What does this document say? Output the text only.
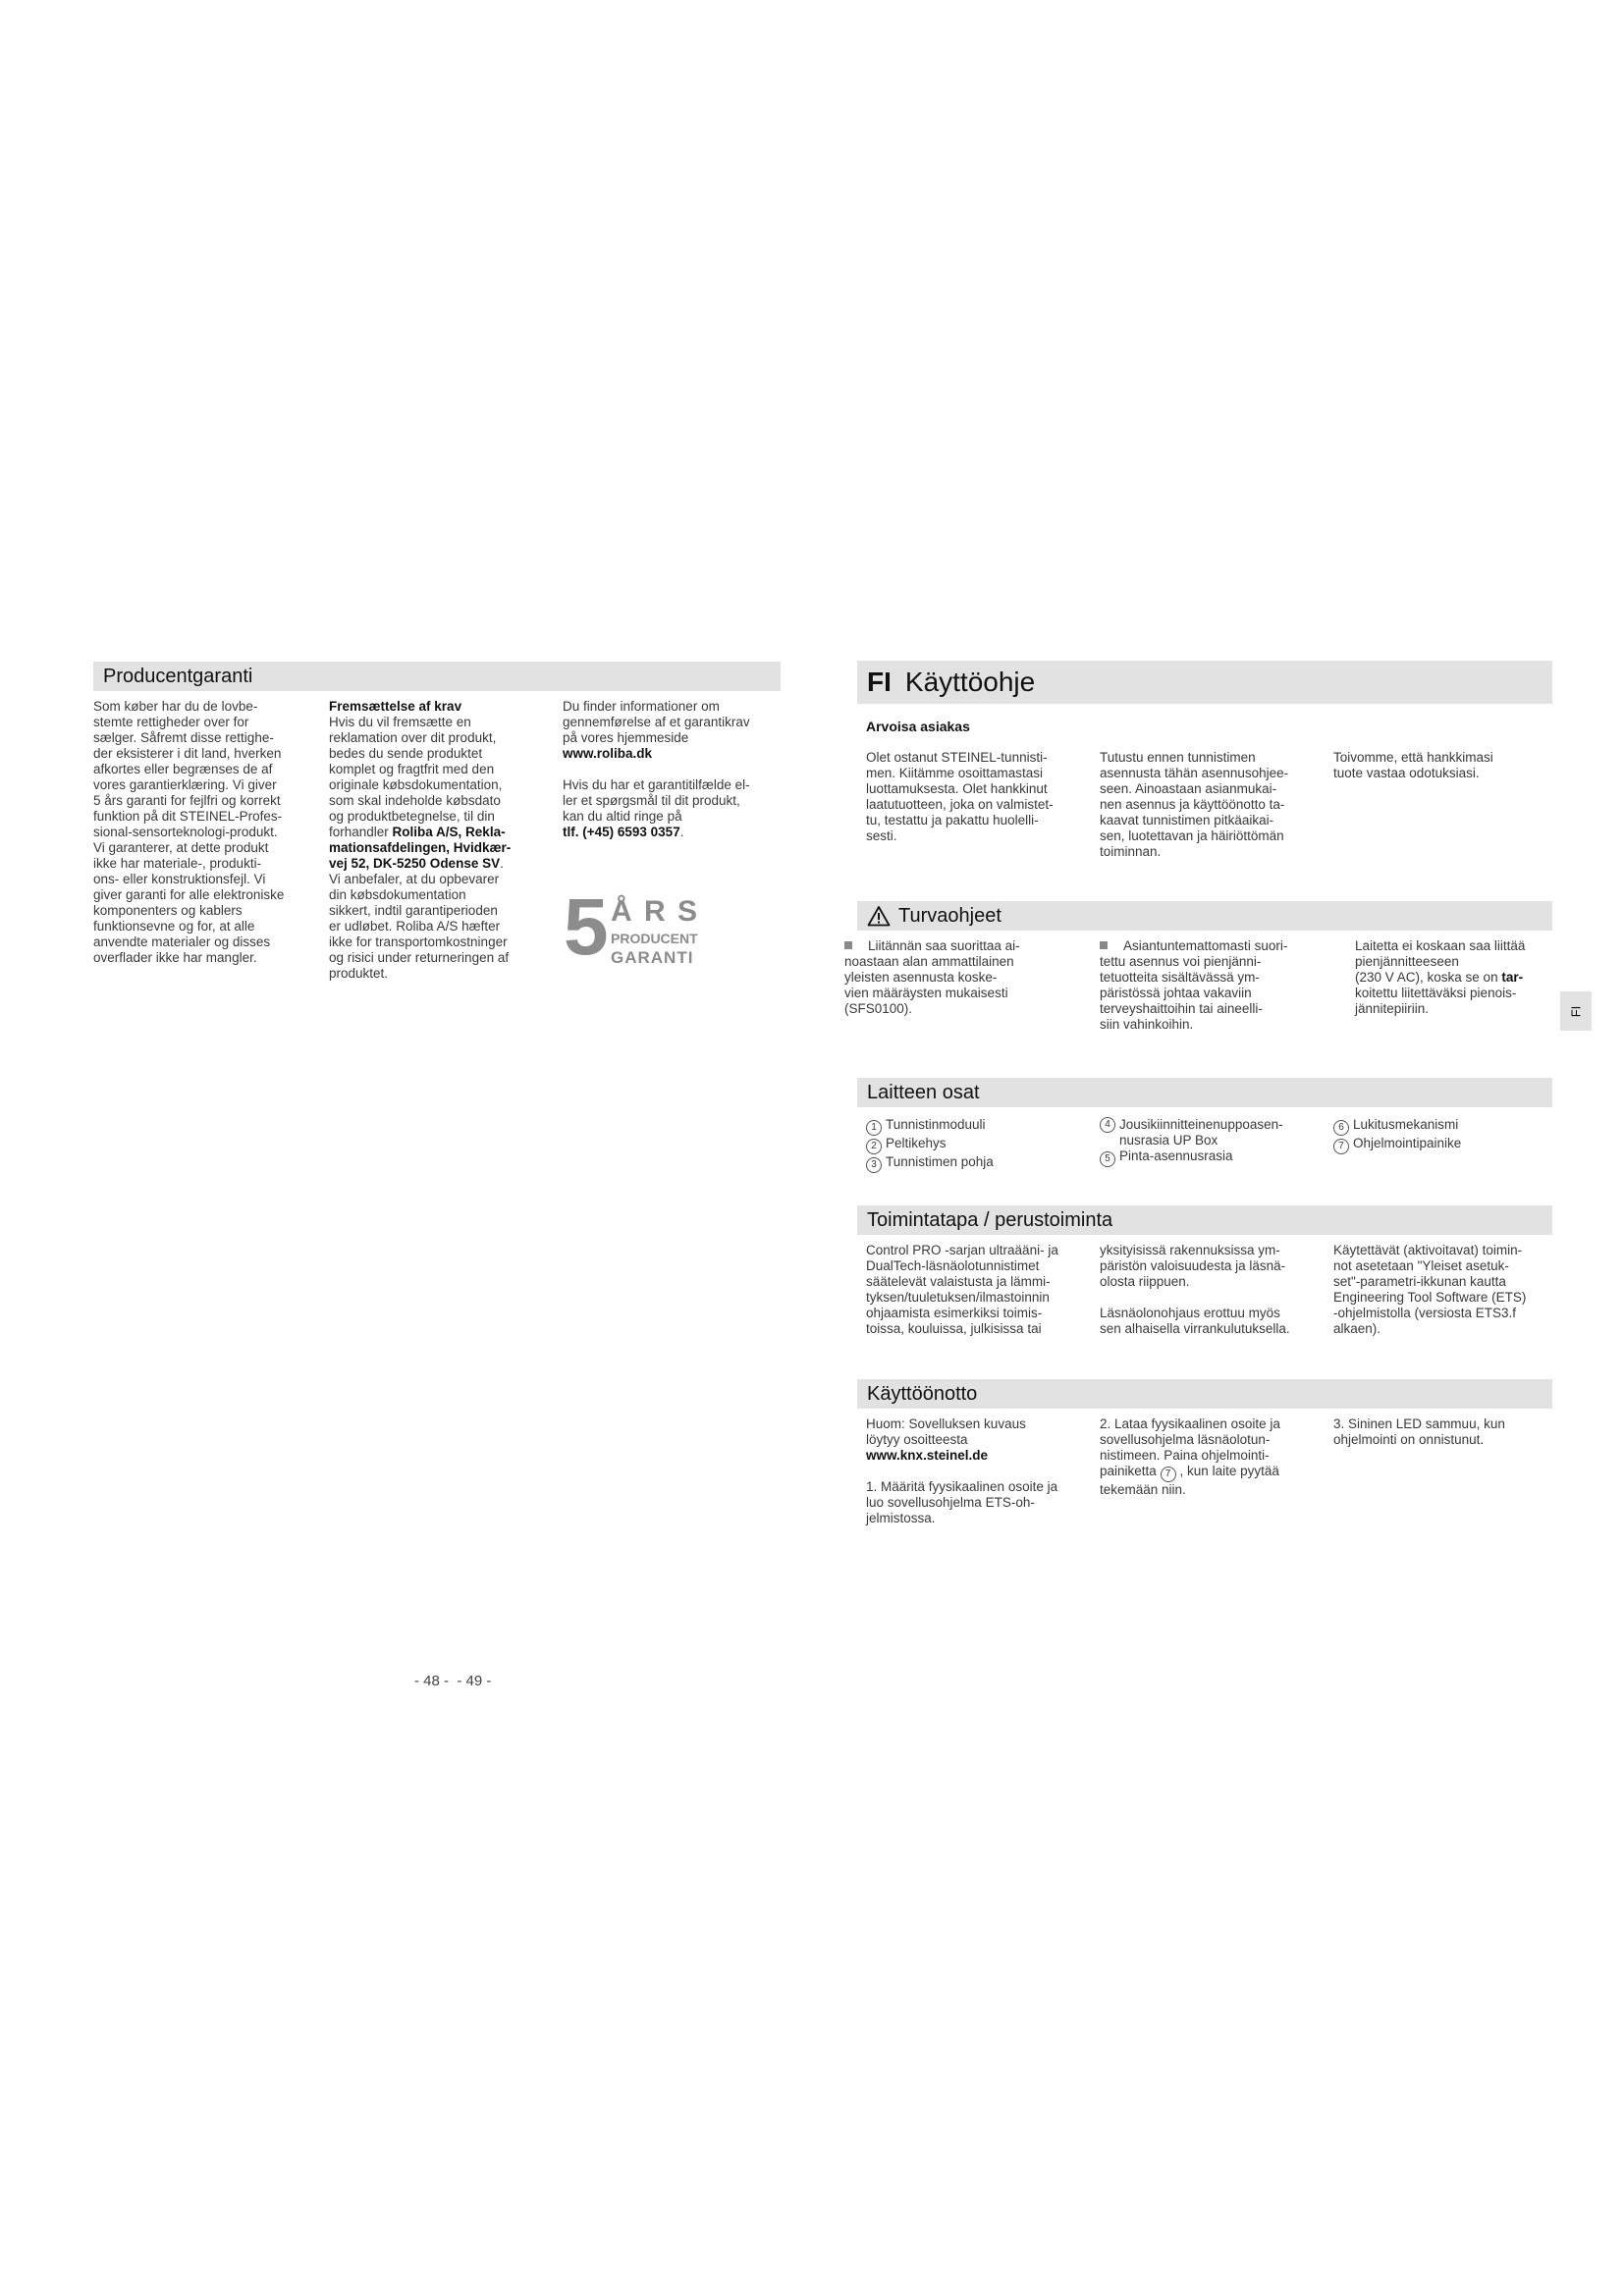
Producentgaranti

Som køber har du de lovbe-
stemte rettigheder over for
sælger. Såfremt disse rettighe-
der eksisterer i dit land, hverken
afkortes eller begrænses de af
vores garantierklæring. Vi giver
5 års garanti for fejlfri og korrekt
funktion på dit STEINEL-Profes-
sional-sensorteknologi-produkt.
Vi garanterer, at dette produkt
ikke har materiale-, produkti-
ons- eller konstruktionsfejl. Vi
giver garanti for alle elektroniske
komponenters og kablers
funktionsevne og for, at alle
anvendte materialer og disses
overflader ikke har mangler.

Fremsættelse af krav

Hvis du vil fremsætte en
reklamation over dit produkt,
bedes du sende produktet
komplet og fragtfrit med den
originale købsdokumentation,
som skal indeholde købsdato
og produktbetegnelse, til din
forhandler Roliba A/S, Rekla-
mationsafdelingen, Hvidkær-
vej 52, DK-5250 Odense SV.
Vi anbefaler, at du opbevarer
din købsdokumentation
sikkert, indtil garantiperioden
er udløbet. Roliba A/S hæfter
ikke for transportomkostninger
og risici under returneringen af
produktet.

Du finder informationer om
gennemførelse af et garantikrav
på vores hjemmeside

www.roliba.dk

Hvis du har et garantitilfælde el-
ler et spørgsmål til dit produkt,
kan du altid ringe på

tlf. (+45) 6593 0357.

5 Å R S
PRODUCENT
GARANTI
FI Käyttöohje
Arvoisa asiakas

Olet ostanut STEINEL-tunnisti-
men. Kiitämme osoittamastasi
luottamuksesta. Olet hankkinut
laatutuotteen, joka on valmistet-
tu, testattu ja pakattu huolelli-
sesti.

Tutustu ennen tunnistimen
asennusta tähän asennusohjee-
seen. Ainoastaan asianmukai-
nen asennus ja käyttöönotto ta-
kaavat tunnistimen pitkäaikai-
sen, luotettavan ja häiriöttömän
toiminnan.

Toivomme, että hankkimasi
tuote vastaa odotuksiasi.

Turvaohjeet

Liitännän saa suorittaa ai-
noastaan alan ammattilainen
yleisten asennusta koske-
vien määräysten mukaisesti
(SFS0100).

Asiantuntemattomasti suori-
tettu asennus voi pienjänni-
tetuotteita sisältävässä ym-
päristössä johtaa vakaviin
terveyshaittoihin tai aineelli-
siin vahinkoihin.

Laitetta ei koskaan saa liittää
pienjännitteeseen
(230 V AC), koska se on tar-
koitettu liitettäväksi pienois-
jännitepiiriin.	FI
Laitteen osat

1 Tunnistinmoduuli

2 Peltikehys

3 Tunnistimen pohja

4 Jousikiinnitteinenuppoasen-
nusrasia UP Box

5 Pinta-asennusrasia

6 Lukitusmekanismi

7 Ohjelmointipainike

Toimintatapa / perustoiminta

Control PRO -sarjan ultraääni- ja
DualTech-läsnäolotunnistimet
säätelevät valaistusta ja lämmi-
tyksen/tuuletuksen/ilmastoinnin
ohjaamista esimerkiksi toimis-
toissa, kouluissa, julkisissa tai

yksityisissä rakennuksissa ym-
päristön valoisuudesta ja läsnä-
olosta riippuen.

Läsnäolonohjaus erottuu myös
sen alhaisella virrankulutuksella.

Käytettävät (aktivoitavat) toimin-
not asetetaan "Yleiset asetuk-
set"-parametri-ikkunan kautta
Engineering Tool Software (ETS)
-ohjelmistolla (versiosta ETS3.f
alkaen).

Käyttöönotto

Huom: Sovelluksen kuvaus
löytyy osoitteesta

www.knx.steinel.de

1. Määritä fyysikaalinen osoite ja
luo sovellusohjelma ETS-oh-
jelmistossa.

2. Lataa fyysikaalinen osoite ja
sovellusohjelma läsnäolotun-
nistimeen. Paina ohjelmointi-
painiketta 7 , kun laite pyytää
tekemään niin.

3. Sininen LED sammuu, kun
ohjelmointi on onnistunut.

- 48 -  - 49 -
